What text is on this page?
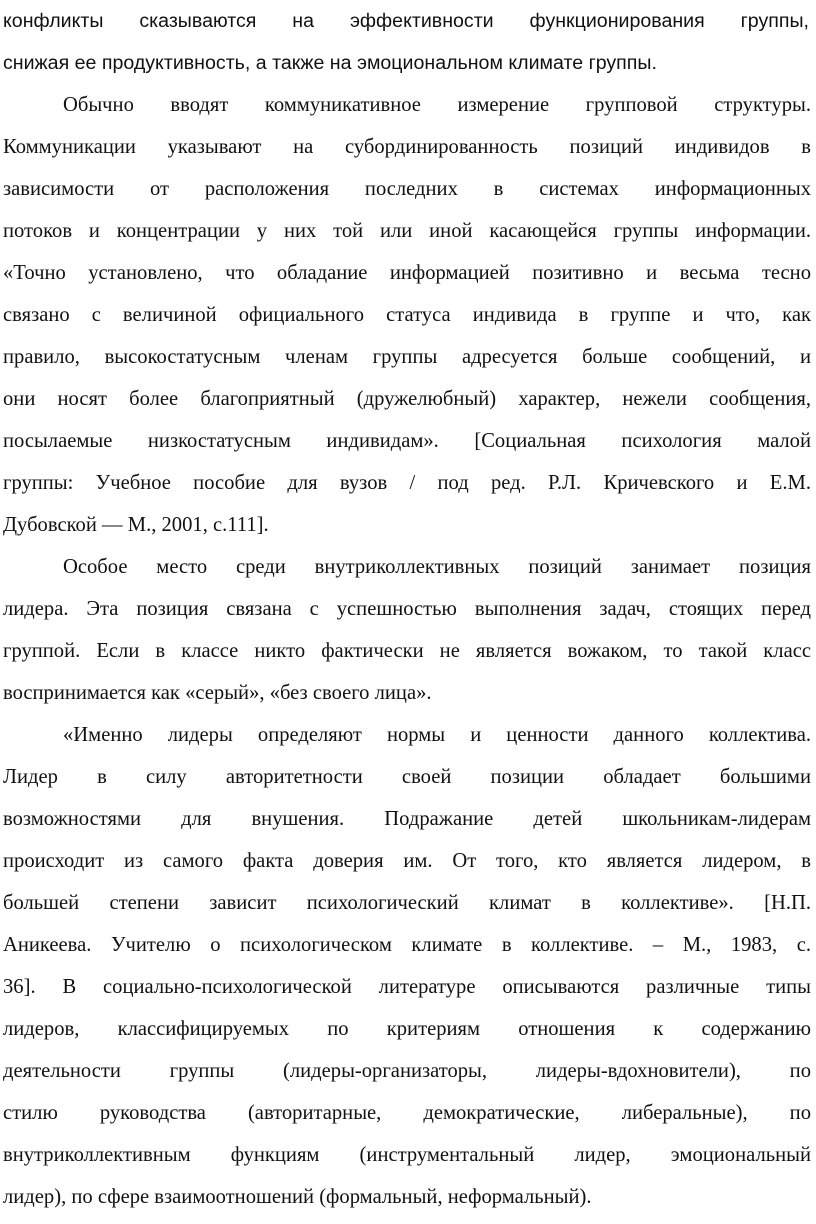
конфликты сказываются на эффективности функционирования группы,
снижая ее продуктивность, а также на эмоциональном климате группы.
Обычно вводят коммуникативное измерение групповой структуры.
Коммуникации указывают на субординированность позиций индивидов в
зависимости от расположения последних в системах информационных
потоков и концентрации у них той или иной касающейся группы информации.
«Точно установлено, что обладание информацией позитивно и весьма тесно
связано с величиной официального статуса индивида в группе и что, как
правило, высокостатусным членам группы адресуется больше сообщений, и
они носят более благоприятный (дружелюбный) характер, нежели сообщения,
посылаемые низкостатусным индивидам». [Социальная психология малой
группы: Учебное пособие для вузов / под ред. Р.Л. Кричевского и Е.М.
Дубовской — М., 2001, с.111].
Особое место среди внутриколлективных позиций занимает позиция
лидера. Эта позиция связана с успешностью выполнения задач, стоящих перед
группой. Если в классе никто фактически не является вожаком, то такой класс
воспринимается как «серый», «без своего лица».
«Именно лидеры определяют нормы и ценности данного коллектива.
Лидер в силу авторитетности своей позиции обладает большими
возможностями для внушения. Подражание детей школьникам-лидерам
происходит из самого факта доверия им. От того, кто является лидером, в
большей степени зависит психологический климат в коллективе». [Н.П.
Аникеева. Учителю о психологическом климате в коллективе. – М., 1983, с.
36]. В социально-психологической литературе описываются различные типы
лидеров, классифицируемых по критериям отношения к содержанию
деятельности группы (лидеры-организаторы, лидеры-вдохновители), по
стилю руководства (авторитарные, демократические, либеральные), по
внутриколлективным функциям (инструментальный лидер, эмоциональный
лидер), по сфере взаимоотношений (формальный, неформальный).
